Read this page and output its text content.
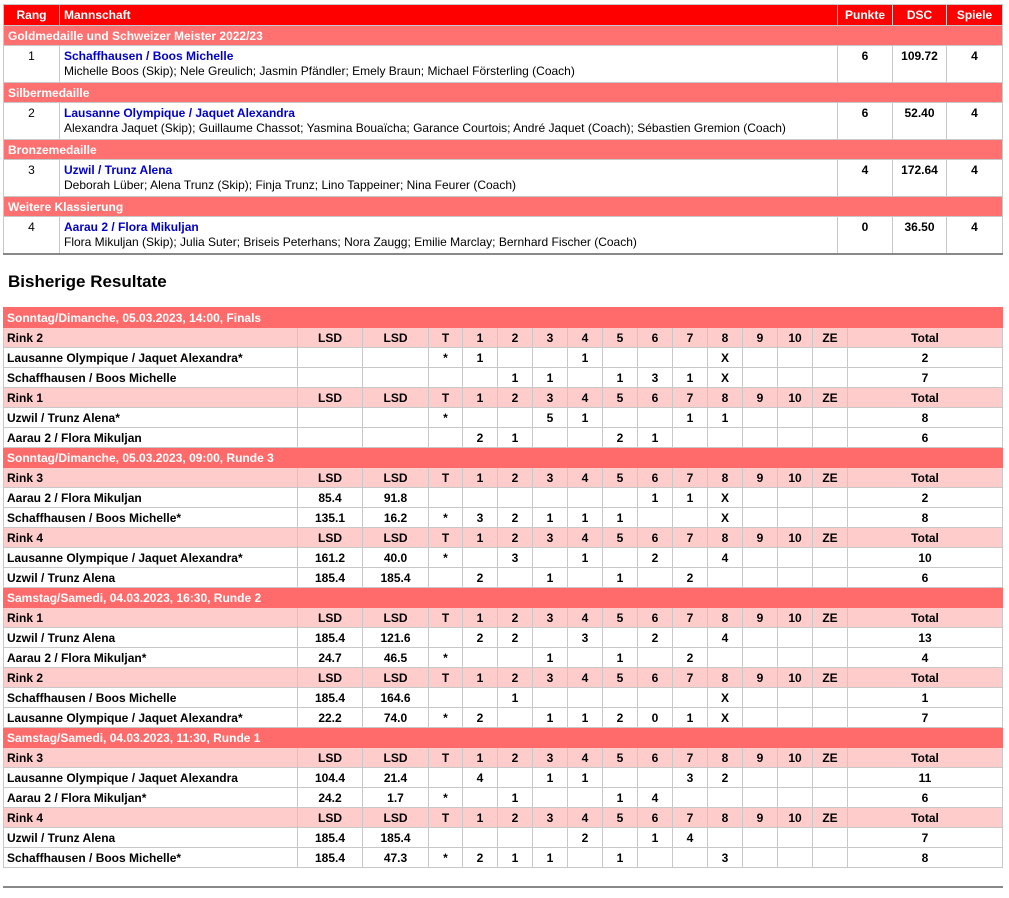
Rang	Mannschaft	Punkte	DSC	Spiele
Goldmedaille und Schweizer Meister 2022/23				
1	Schaffhausen / Boos Michelle
Michelle Boos (Skip); Nele Greulich; Jasmin Pfändler; Emely Braun; Michael Försterling (Coach)	6	109.72	4
Silbermedaille				
2	Lausanne Olympique / Jaquet Alexandra
Alexandra Jaquet (Skip); Guillaume Chassot; Yasmina Bouaïcha; Garance Courtois; André Jaquet (Coach); Sébastien Gremion (Coach)	6	52.40	4
Bronzemedaille				
3	Uzwil / Trunz Alena
Deborah Lüber; Alena Trunz (Skip); Finja Trunz; Lino Tappeiner; Nina Feurer (Coach)	4	172.64	4
Weitere Klassierung				
4	Aarau 2 / Flora Mikuljan
Flora Mikuljan (Skip); Julia Suter; Briseis Peterhans; Nora Zaugg; Emilie Marclay; Bernhard Fischer (Coach)	0	36.50	4
Bisherige Resultate
Sonntag/Dimanche, 05.03.2023, 14:00, Finals															
Rink 2	LSD	LSD	T	1	2	3	4	5	6	7	8	9	10	ZE	Total
Lausanne Olympique / Jaquet Alexandra*			*	1			1				X				2
Schaffhausen / Boos Michelle					1	1		1	3	1	X				7
Rink 1	LSD	LSD	T	1	2	3	4	5	6	7	8	9	10	ZE	Total
Uzwil / Trunz Alena*			*			5	1			1	1				8
Aarau 2 / Flora Mikuljan				2	1			2	1						6
Sonntag/Dimanche, 05.03.2023, 09:00, Runde 3															
Rink 3	LSD	LSD	T	1	2	3	4	5	6	7	8	9	10	ZE	Total
Aarau 2 / Flora Mikuljan	85.4	91.8							1	1	X				2
Schaffhausen / Boos Michelle*	135.1	16.2	*	3	2	1	1	1			X				8
Rink 4	LSD	LSD	T	1	2	3	4	5	6	7	8	9	10	ZE	Total
Lausanne Olympique / Jaquet Alexandra*	161.2	40.0	*		3		1		2		4				10
Uzwil / Trunz Alena	185.4	185.4		2		1		1		2					6
Samstag/Samedi, 04.03.2023, 16:30, Runde 2															
Rink 1	LSD	LSD	T	1	2	3	4	5	6	7	8	9	10	ZE	Total
Uzwil / Trunz Alena	185.4	121.6		2	2		3		2		4				13
Aarau 2 / Flora Mikuljan*	24.7	46.5	*			1		1		2					4
Rink 2	LSD	LSD	T	1	2	3	4	5	6	7	8	9	10	ZE	Total
Schaffhausen / Boos Michelle	185.4	164.6			1						X				1
Lausanne Olympique / Jaquet Alexandra*	22.2	74.0	*	2		1	1	2	0	1	X				7
Samstag/Samedi, 04.03.2023, 11:30, Runde 1															
Rink 3	LSD	LSD	T	1	2	3	4	5	6	7	8	9	10	ZE	Total
Lausanne Olympique / Jaquet Alexandra	104.4	21.4		4		1	1			3	2				11
Aarau 2 / Flora Mikuljan*	24.2	1.7	*		1			1	4						6
Rink 4	LSD	LSD	T	1	2	3	4	5	6	7	8	9	10	ZE	Total
Uzwil / Trunz Alena	185.4	185.4					2		1	4					7
Schaffhausen / Boos Michelle*	185.4	47.3	*	2	1	1		1			3				8
